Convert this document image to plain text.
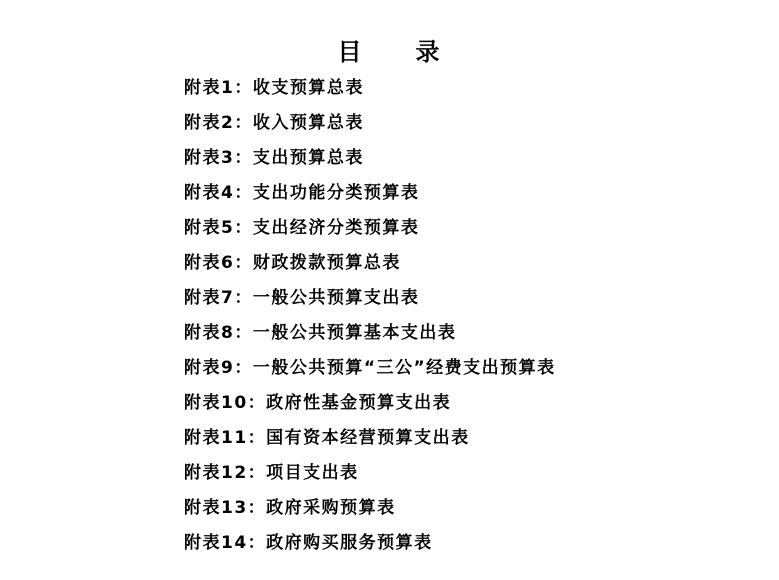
目 录
附表1：收支预算总表
附表2：收入预算总表
附表3：支出预算总表
附表4：支出功能分类预算表
附表5：支出经济分类预算表
附表6：财政拨款预算总表
附表7：一般公共预算支出表
附表8：一般公共预算基本支出表
附表9：一般公共预算“三公”经费支出预算表
附表10：政府性基金预算支出表
附表11：国有资本经营预算支出表
附表12：项目支出表
附表13：政府采购预算表
附表14：政府购买服务预算表
